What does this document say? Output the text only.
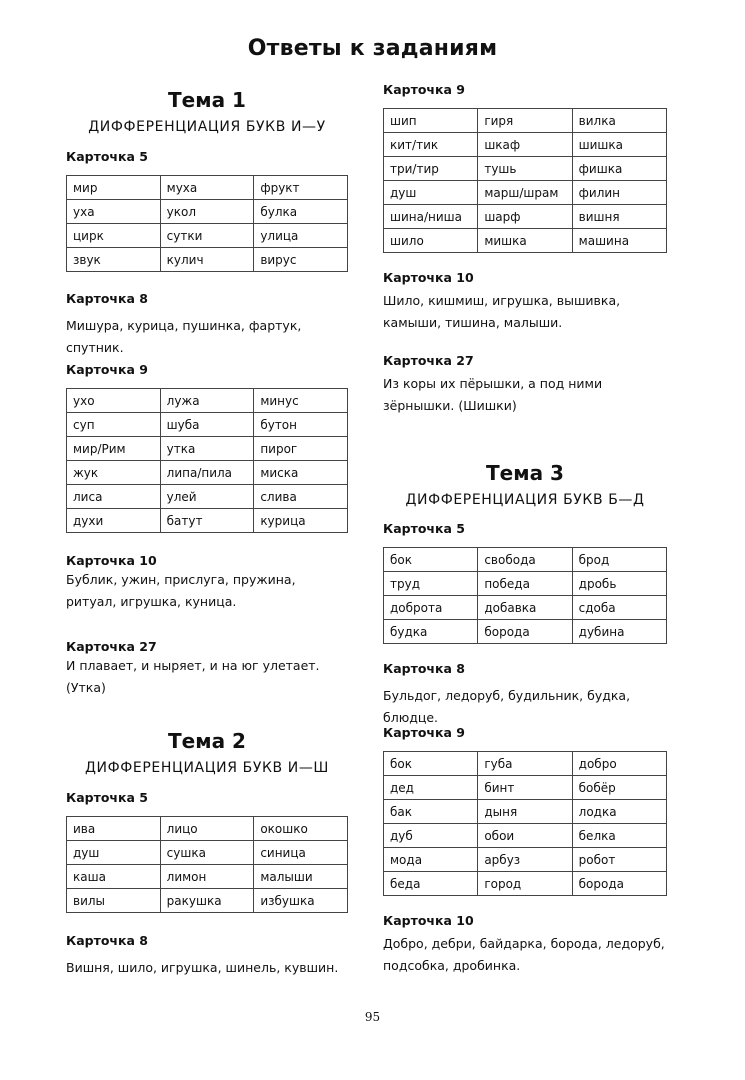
Ответы к заданиям
Тема 1
ДИФФЕРЕНЦИАЦИЯ БУКВ И—У
Карточка 5
мир	муха	фрукт
уха	укол	булка
цирк	сутки	улица
звук	кулич	вирус
Карточка 8

Мишура, курица, пушинка, фартук, спутник.

Карточка 9
ухо	лужа	минус
суп	шуба	бутон
мир/Рим	утка	пирог
жук	липа/пила	миска
лиса	улей	слива
духи	батут	курица
Карточка 10

Бублик, ужин, прислуга, пружина, ритуал, игрушка, куница.

Карточка 27

И плавает, и ныряет, и на юг улетает. (Утка)

Тема 2
ДИФФЕРЕНЦИАЦИЯ БУКВ И—Ш
Карточка 5
ива	лицо	окошко
душ	сушка	синица
каша	лимон	малыши
вилы	ракушка	избушка
Карточка 8

Вишня, шило, игрушка, шинель, кувшин.

Карточка 9
шип	гиря	вилка
кит/тик	шкаф	шишка
три/тир	тушь	фишка
душ	марш/шрам	филин
шина/ниша	шарф	вишня
шило	мишка	машина
Карточка 10

Шило, кишмиш, игрушка, вышивка, камыши, тишина, малыши.

Карточка 27

Из коры их пёрышки, а под ними зёрнышки. (Шишки)

Тема 3
ДИФФЕРЕНЦИАЦИЯ БУКВ Б—Д
Карточка 5
бок	свобода	брод
труд	победа	дробь
доброта	добавка	сдоба
будка	борода	дубина
Карточка 8

Бульдог, ледоруб, будильник, будка, блюдце.

Карточка 9
бок	губа	добро
дед	бинт	бобёр
бак	дыня	лодка
дуб	обои	белка
мода	арбуз	робот
беда	город	борода
Карточка 10

Добро, дебри, байдарка, борода, ледоруб, подсобка, дробинка.

95
